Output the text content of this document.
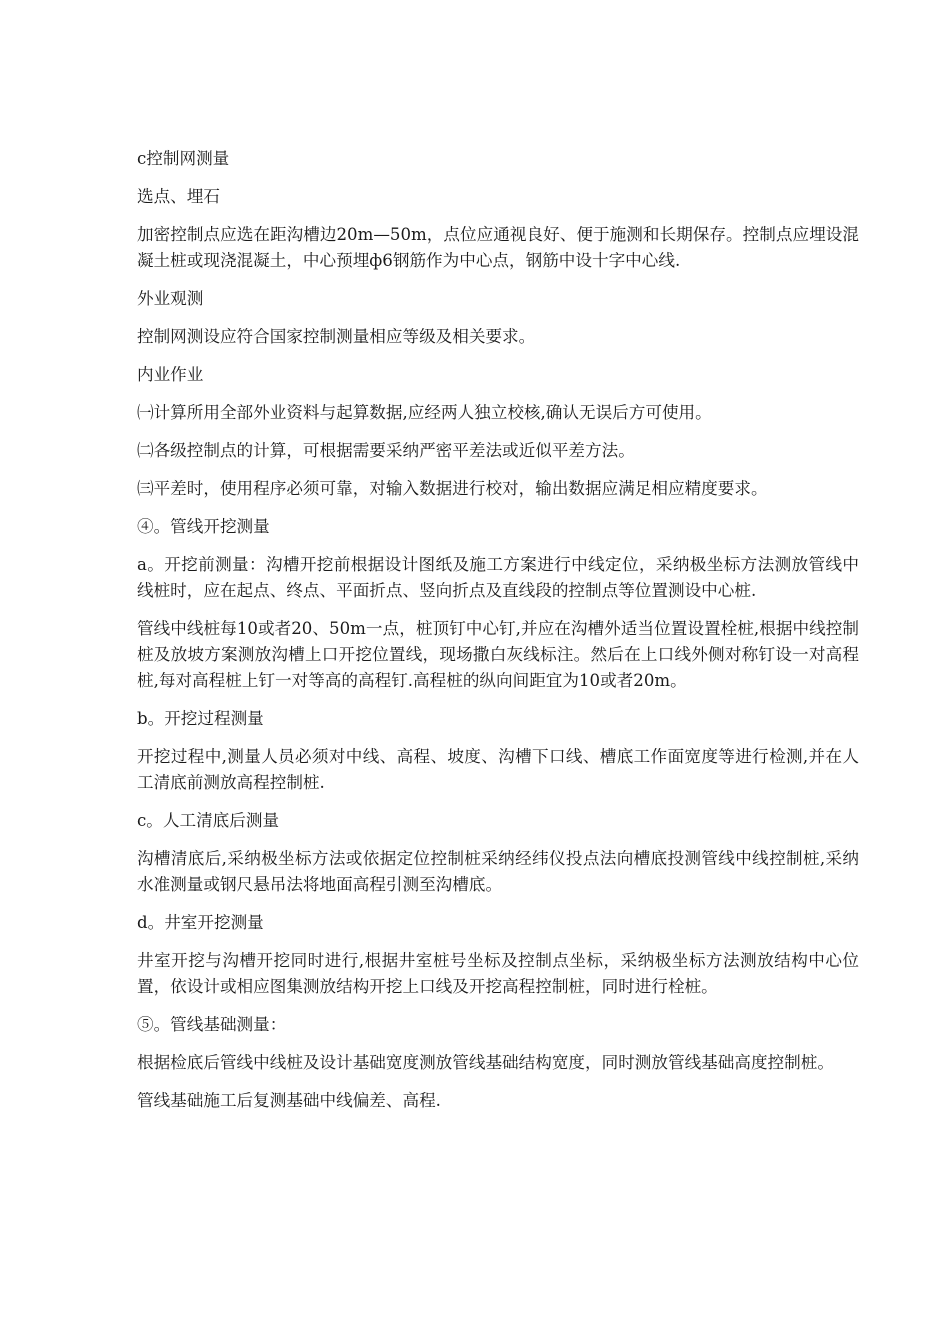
c控制网测量
选点、埋石
加密控制点应选在距沟槽边20m—50m，点位应通视良好、便于施测和长期保存。控制点应埋设混凝土桩或现浇混凝土，中心预埋ф6钢筋作为中心点，钢筋中设十字中心线.
外业观测
控制网测设应符合国家控制测量相应等级及相关要求。
内业作业
㈠计算所用全部外业资料与起算数据,应经两人独立校核,确认无误后方可使用。
㈡各级控制点的计算，可根据需要采纳严密平差法或近似平差方法。
㈢平差时，使用程序必须可靠，对输入数据进行校对，输出数据应满足相应精度要求。
④。管线开挖测量
a。开挖前测量：沟槽开挖前根据设计图纸及施工方案进行中线定位，采纳极坐标方法测放管线中线桩时，应在起点、终点、平面折点、竖向折点及直线段的控制点等位置测设中心桩.
管线中线桩每10或者20、50m一点，桩顶钉中心钉,并应在沟槽外适当位置设置栓桩,根据中线控制桩及放坡方案测放沟槽上口开挖位置线，现场撒白灰线标注。然后在上口线外侧对称钉设一对高程桩,每对高程桩上钉一对等高的高程钉.高程桩的纵向间距宜为10或者20m。
b。开挖过程测量
开挖过程中,测量人员必须对中线、高程、坡度、沟槽下口线、槽底工作面宽度等进行检测,并在人工清底前测放高程控制桩.
c。人工清底后测量
沟槽清底后,采纳极坐标方法或依据定位控制桩采纳经纬仪投点法向槽底投测管线中线控制桩,采纳水准测量或钢尺悬吊法将地面高程引测至沟槽底。
d。井室开挖测量
井室开挖与沟槽开挖同时进行,根据井室桩号坐标及控制点坐标，采纳极坐标方法测放结构中心位置，依设计或相应图集测放结构开挖上口线及开挖高程控制桩，同时进行栓桩。
⑤。管线基础测量：
根据检底后管线中线桩及设计基础宽度测放管线基础结构宽度，同时测放管线基础高度控制桩。
管线基础施工后复测基础中线偏差、高程.
